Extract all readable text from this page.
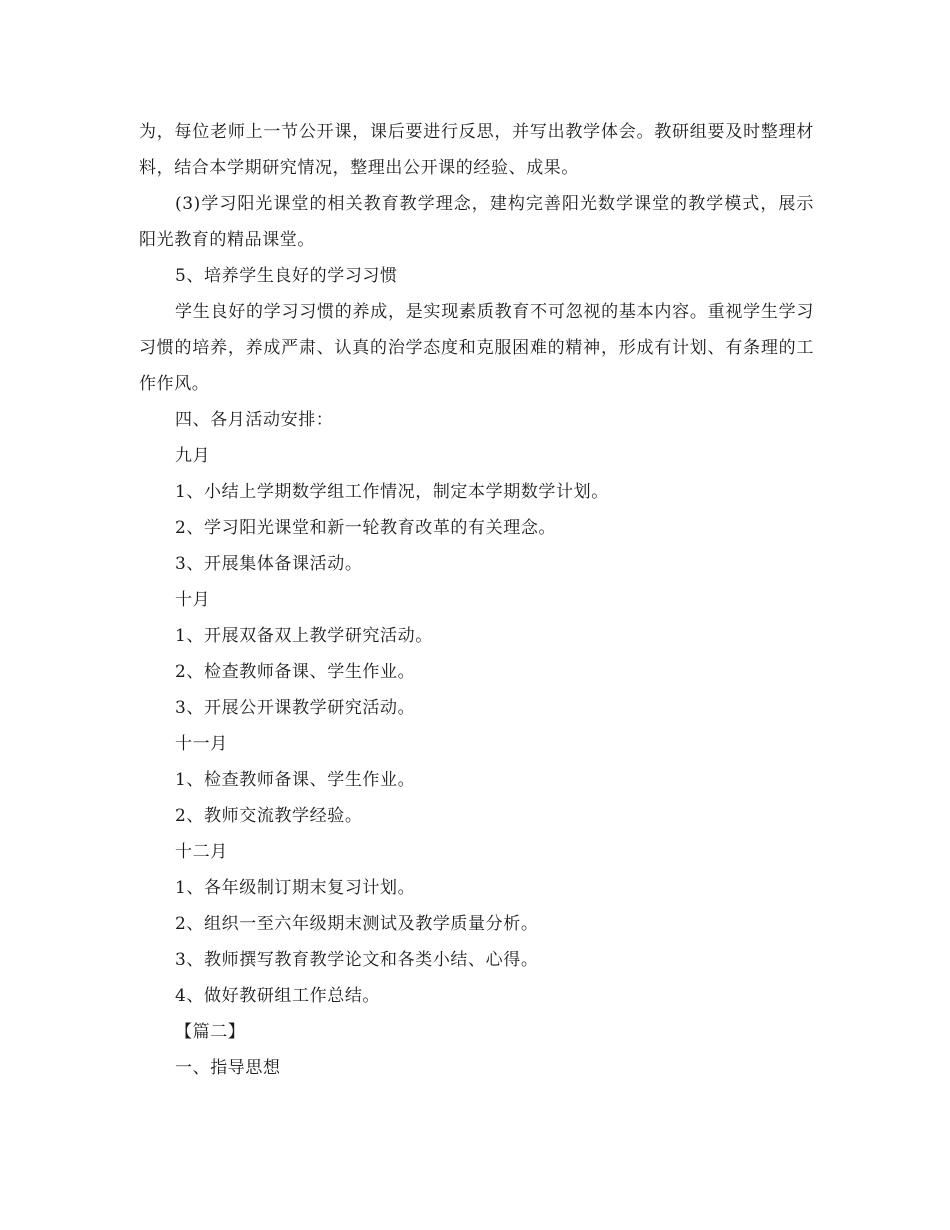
为，每位老师上一节公开课，课后要进行反思，并写出教学体会。教研组要及时整理材料，结合本学期研究情况，整理出公开课的经验、成果。

(3)学习阳光课堂的相关教育教学理念，建构完善阳光数学课堂的教学模式，展示阳光教育的精品课堂。

5、培养学生良好的学习习惯

学生良好的学习习惯的养成，是实现素质教育不可忽视的基本内容。重视学生学习习惯的培养，养成严肃、认真的治学态度和克服困难的精神，形成有计划、有条理的工作作风。

四、各月活动安排：

九月

1、小结上学期数学组工作情况，制定本学期数学计划。

2、学习阳光课堂和新一轮教育改革的有关理念。

3、开展集体备课活动。

十月

1、开展双备双上教学研究活动。

2、检查教师备课、学生作业。

3、开展公开课教学研究活动。

十一月

1、检查教师备课、学生作业。

2、教师交流教学经验。

十二月

1、各年级制订期末复习计划。

2、组织一至六年级期末测试及教学质量分析。

3、教师撰写教育教学论文和各类小结、心得。

4、做好教研组工作总结。

【篇二】

一、指导思想
